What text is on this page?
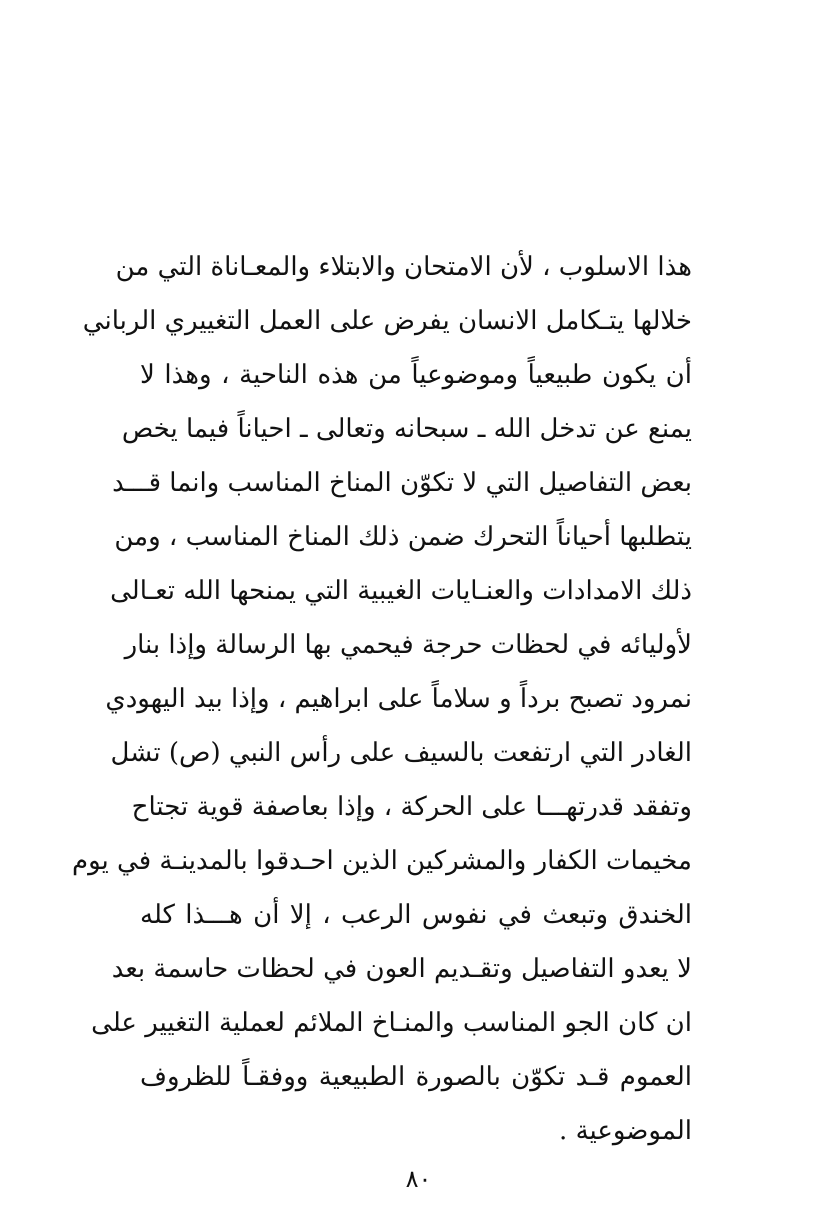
هذا الاسلوب ، لأن الامتحان والابتلاء والمعـاناة التي من
خلالها يتـكامل الانسان يفرض على العمل التغييري الرباني
أن يكون طبيعياً وموضوعياً من هذه الناحية ، وهذا لا
يمنع عن تدخل الله ـ سبحانه وتعالى ـ احياناً فيما يخص
بعض التفاصيل التي لا تكوّن المناخ المناسب وانما قـــد
يتطلبها أحياناً التحرك ضمن ذلك المناخ المناسب ، ومن
ذلك الامدادات والعنـايات الغيبية التي يمنحها الله تعـالى
لأوليائه في لحظات حرجة فيحمي بها الرسالة وإذا بنار
نمرود تصبح برداً و سلاماً على ابراهيم ، وإذا بيد اليهودي
الغادر التي ارتفعت بالسيف على رأس النبي (ص) تشل
وتفقد قدرتهـــا على الحركة ، وإذا بعاصفة قوية تجتاح
مخيمات الكفار والمشركين الذين احـدقوا بالمدينـة في يوم
الخندق وتبعث في نفوس الرعب ، إلا أن هـــذا كله
لا يعدو التفاصيل وتقـديم العون في لحظات حاسمة بعد
ان كان الجو المناسب والمنـاخ الملائم لعملية التغيير على
العموم قـد تكوّن بالصورة الطبيعية ووفقـاً للظروف
الموضوعية .
٨٠
